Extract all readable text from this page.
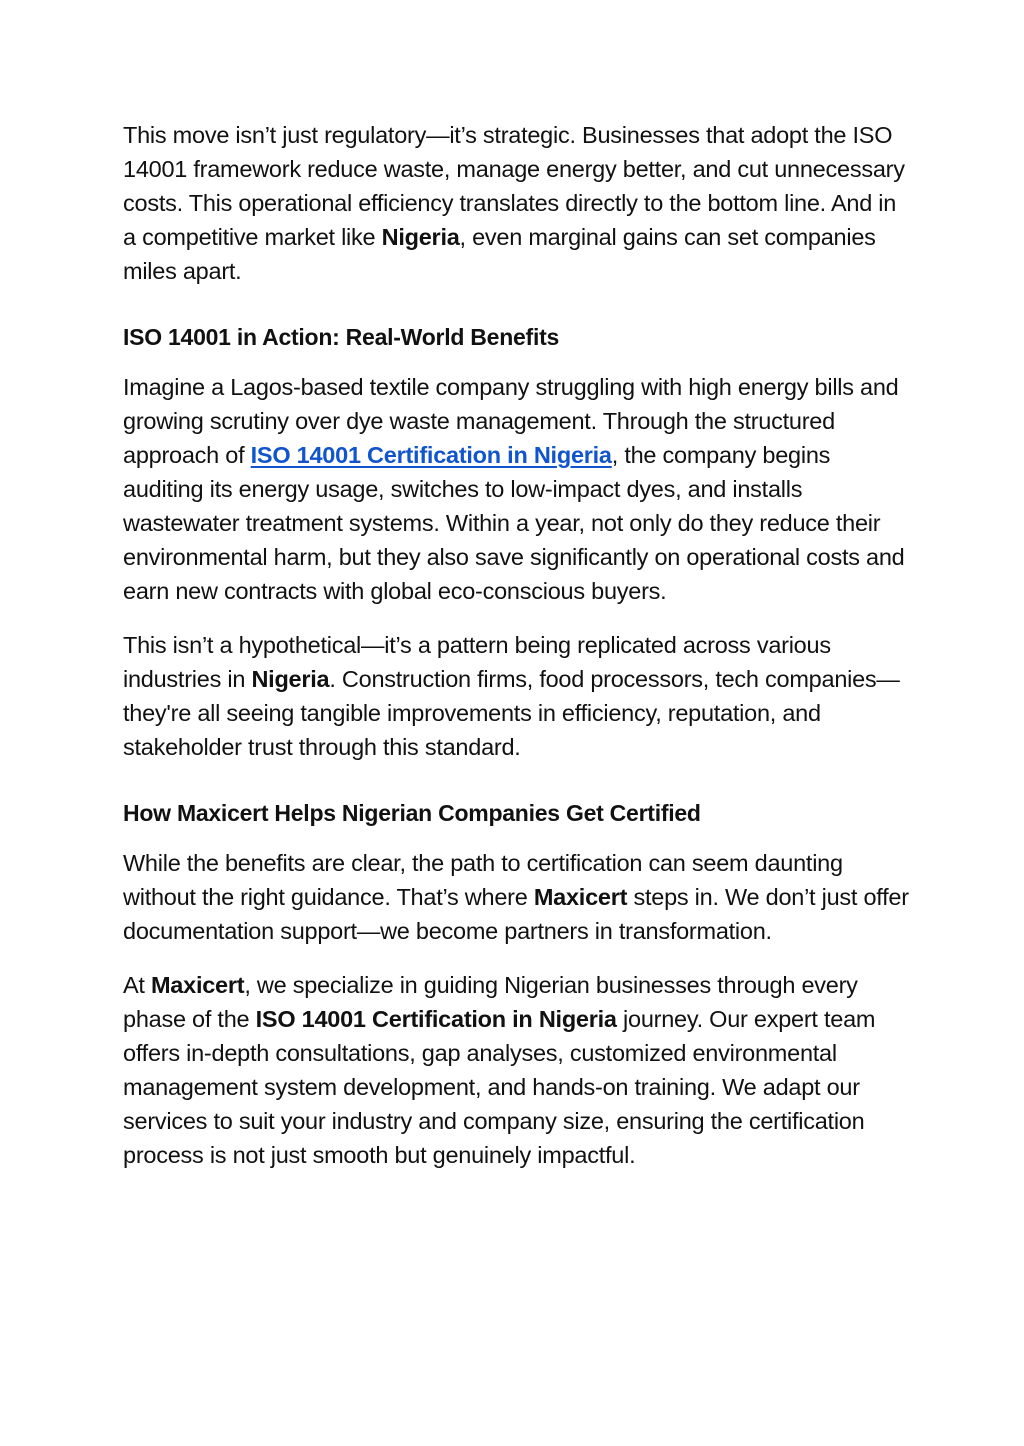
This move isn’t just regulatory—it’s strategic. Businesses that adopt the ISO 14001 framework reduce waste, manage energy better, and cut unnecessary costs. This operational efficiency translates directly to the bottom line. And in a competitive market like Nigeria, even marginal gains can set companies miles apart.

ISO 14001 in Action: Real-World Benefits

Imagine a Lagos-based textile company struggling with high energy bills and growing scrutiny over dye waste management. Through the structured approach of ISO 14001 Certification in Nigeria, the company begins auditing its energy usage, switches to low-impact dyes, and installs wastewater treatment systems. Within a year, not only do they reduce their environmental harm, but they also save significantly on operational costs and earn new contracts with global eco-conscious buyers.

This isn’t a hypothetical—it’s a pattern being replicated across various industries in Nigeria. Construction firms, food processors, tech companies—they're all seeing tangible improvements in efficiency, reputation, and stakeholder trust through this standard.

How Maxicert Helps Nigerian Companies Get Certified

While the benefits are clear, the path to certification can seem daunting without the right guidance. That’s where Maxicert steps in. We don’t just offer documentation support—we become partners in transformation.

At Maxicert, we specialize in guiding Nigerian businesses through every phase of the ISO 14001 Certification in Nigeria journey. Our expert team offers in-depth consultations, gap analyses, customized environmental management system development, and hands-on training. We adapt our services to suit your industry and company size, ensuring the certification process is not just smooth but genuinely impactful.
